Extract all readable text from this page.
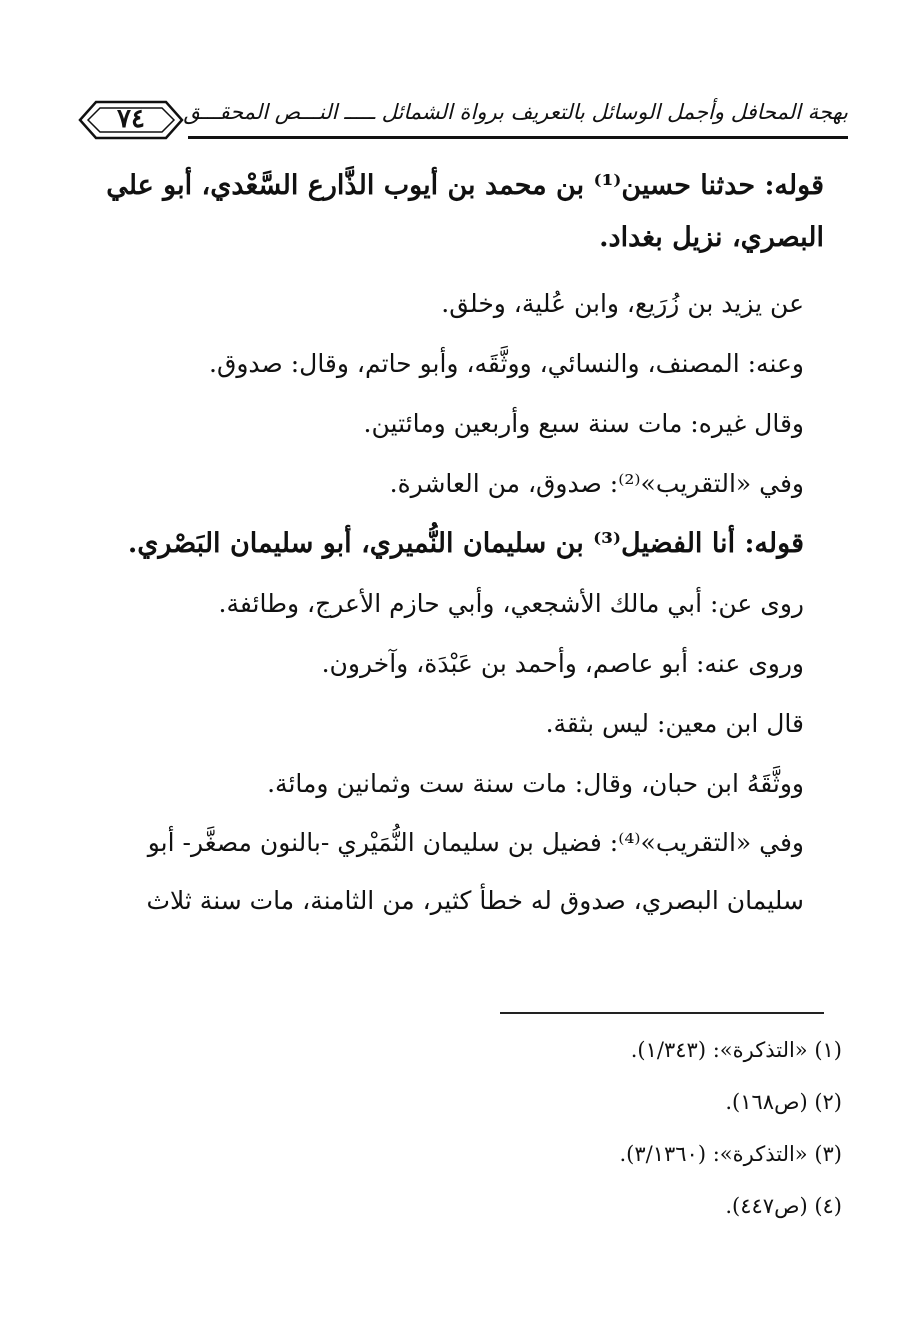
بهجة المحافل وأجمل الوسائل بالتعريف برواة الشمائل ـــــ النـــص المحقـــق
٧٤

قوله: حدثنا حسين⁽¹⁾ بن محمد بن أيوب الذَّارع السَّعْدي، أبو علي البصري، نزيل بغداد.

عن يزيد بن زُرَيع، وابن عُلية، وخلق.

وعنه: المصنف، والنسائي، ووثَّقَه، وأبو حاتم، وقال: صدوق.

وقال غيره: مات سنة سبع وأربعين ومائتين.

وفي «التقريب»⁽²⁾: صدوق، من العاشرة.

قوله: أنا الفضيل⁽³⁾ بن سليمان النُّميري، أبو سليمان البَصْري.

روى عن: أبي مالك الأشجعي، وأبي حازم الأعرج، وطائفة.

وروى عنه: أبو عاصم، وأحمد بن عَبْدَة، وآخرون.

قال ابن معين: ليس بثقة.

ووثَّقَهُ ابن حبان، وقال: مات سنة ست وثمانين ومائة.

وفي «التقريب»⁽⁴⁾: فضيل بن سليمان النُّمَيْري -بالنون مصغَّر- أبو سليمان البصري، صدوق له خطأ كثير، من الثامنة، مات سنة ثلاث

(١) «التذكرة»: (١/٣٤٣).

(٢) (ص١٦٨).

(٣) «التذكرة»: (٣/١٣٦٠).

(٤) (ص٤٤٧).
